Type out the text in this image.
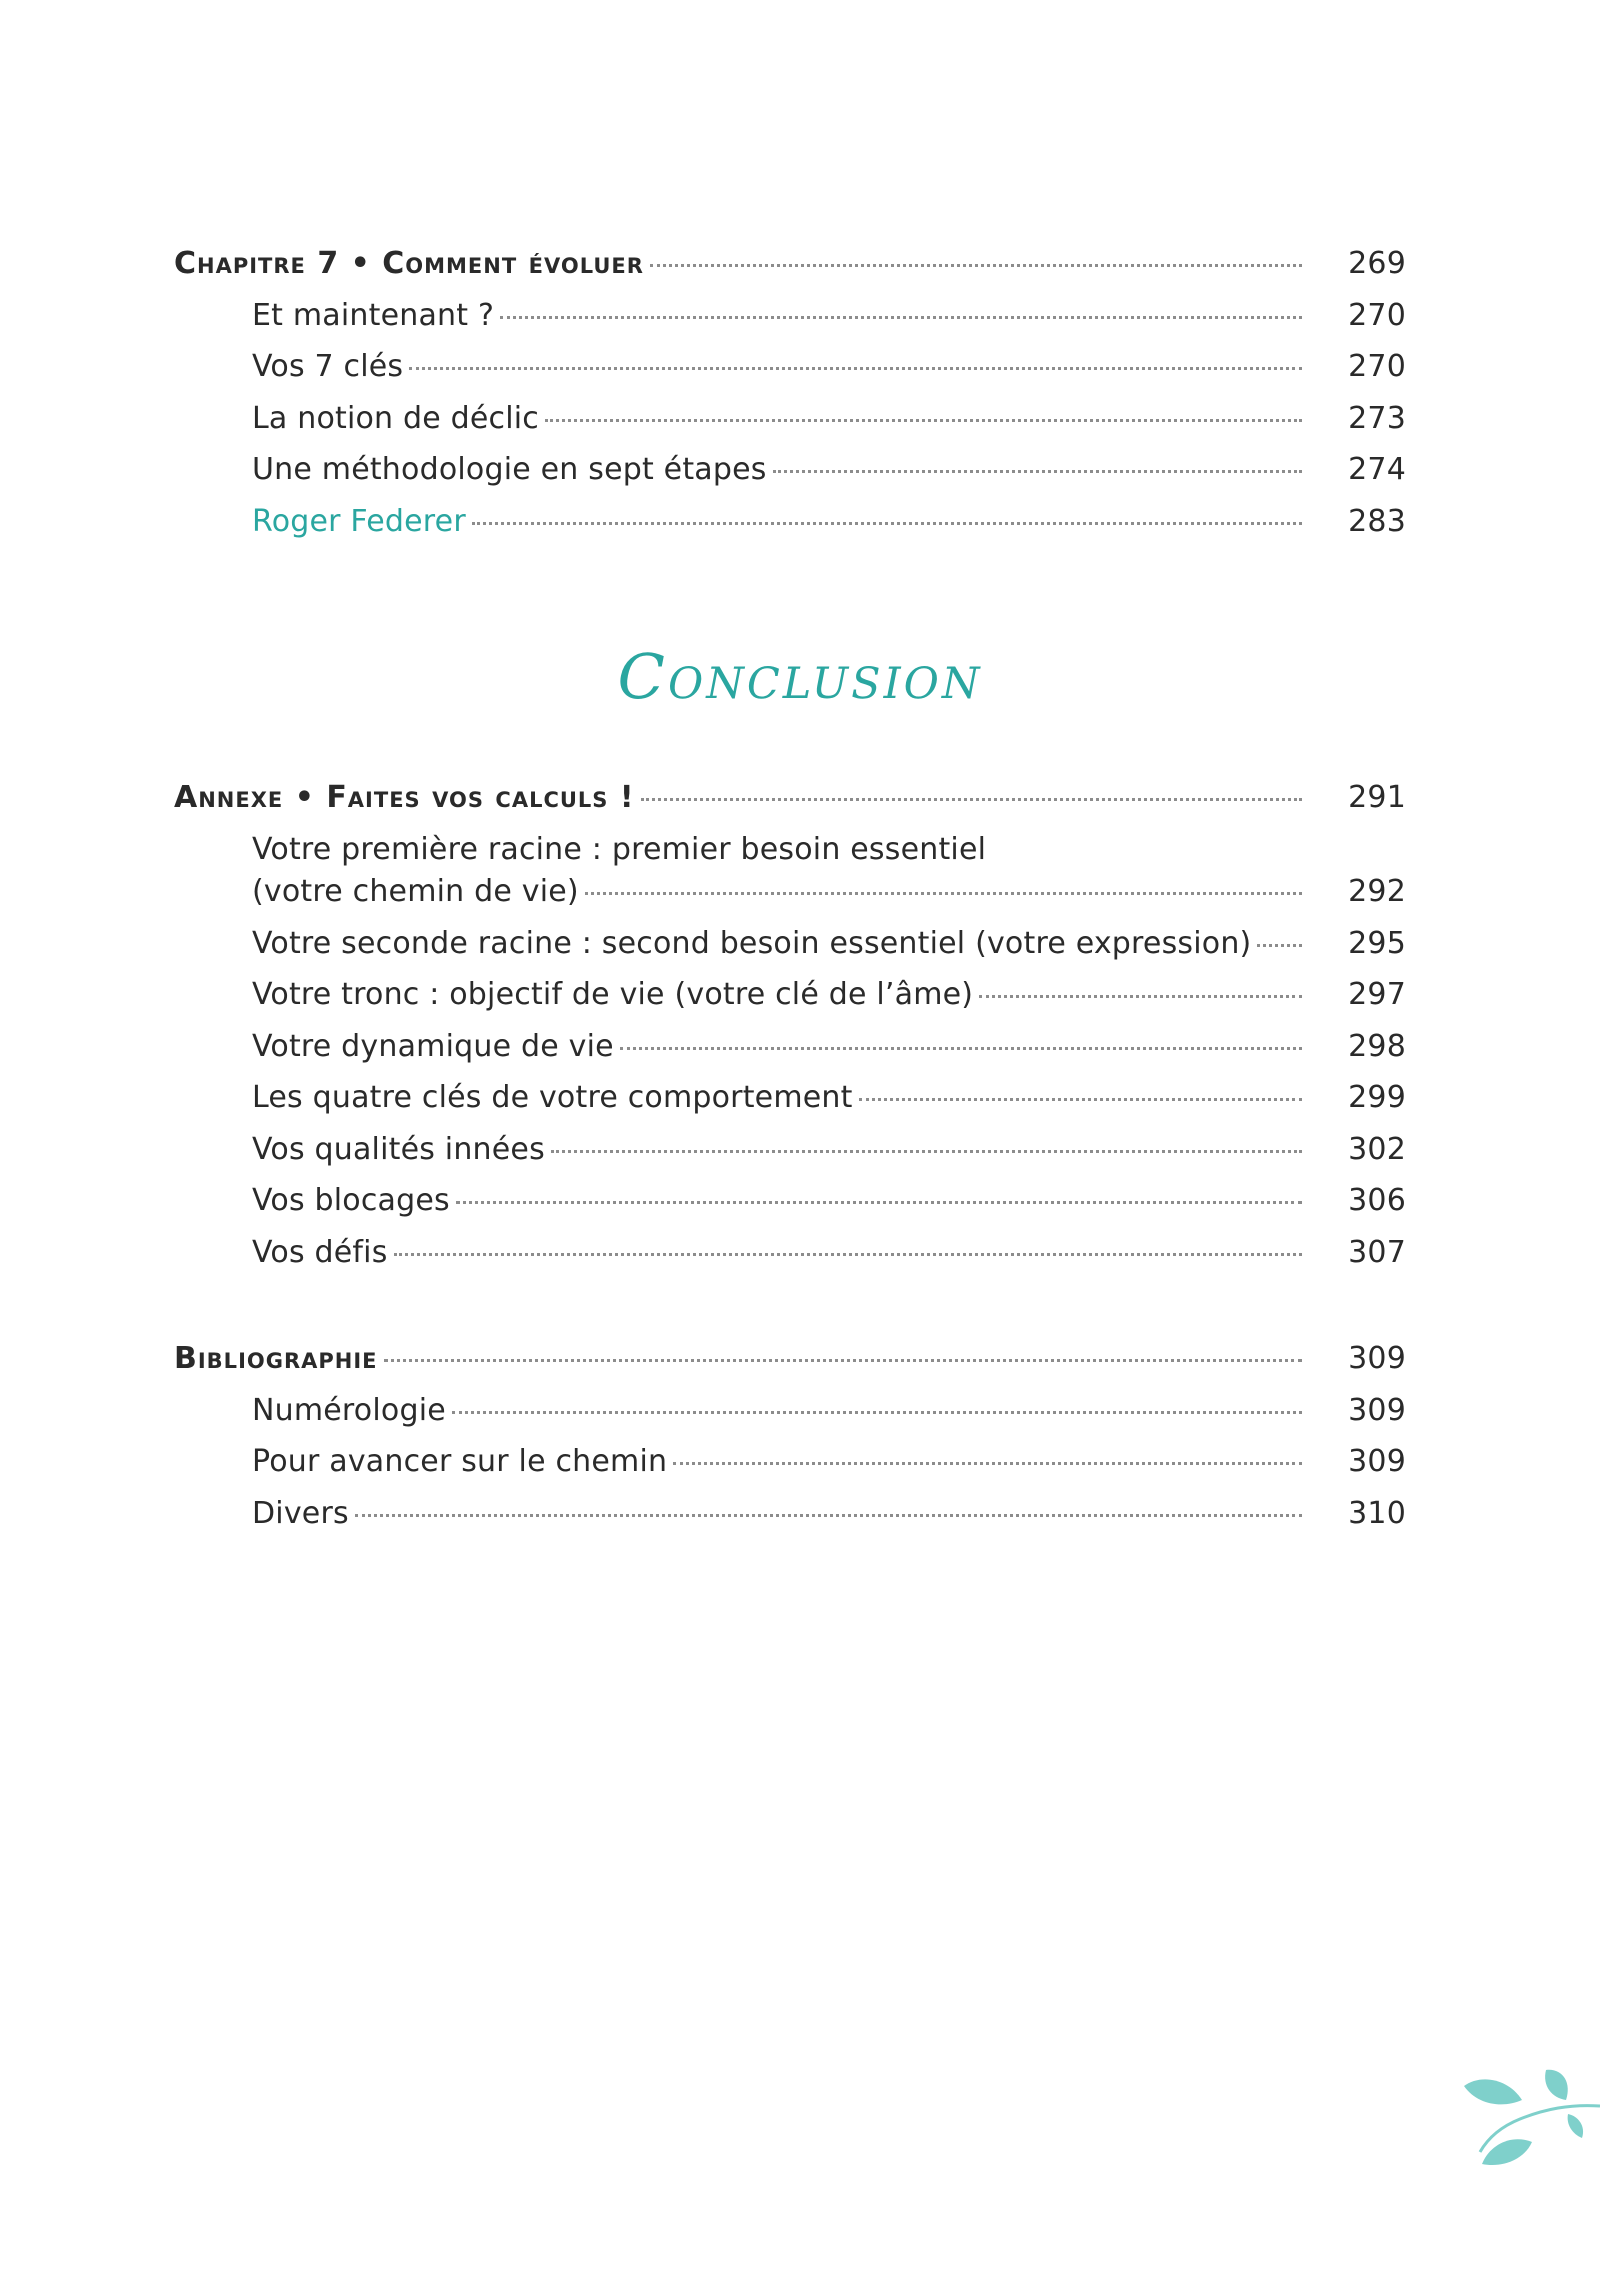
Chapitre 7 • Comment évoluer	269
Et maintenant ?	270
Vos 7 clés	270
La notion de déclic	273
Une méthodologie en sept étapes	274
Roger Federer	283
Conclusion
Annexe • Faites vos calculs !	291
Votre première racine : premier besoin essentiel
(votre chemin de vie)	292
Votre seconde racine : second besoin essentiel (votre expression)	295
Votre tronc : objectif de vie (votre clé de l’âme)	297
Votre dynamique de vie	298
Les quatre clés de votre comportement	299
Vos qualités innées	302
Vos blocages	306
Vos défis	307
Bibliographie	309
Numérologie	309
Pour avancer sur le chemin	309
Divers	310
